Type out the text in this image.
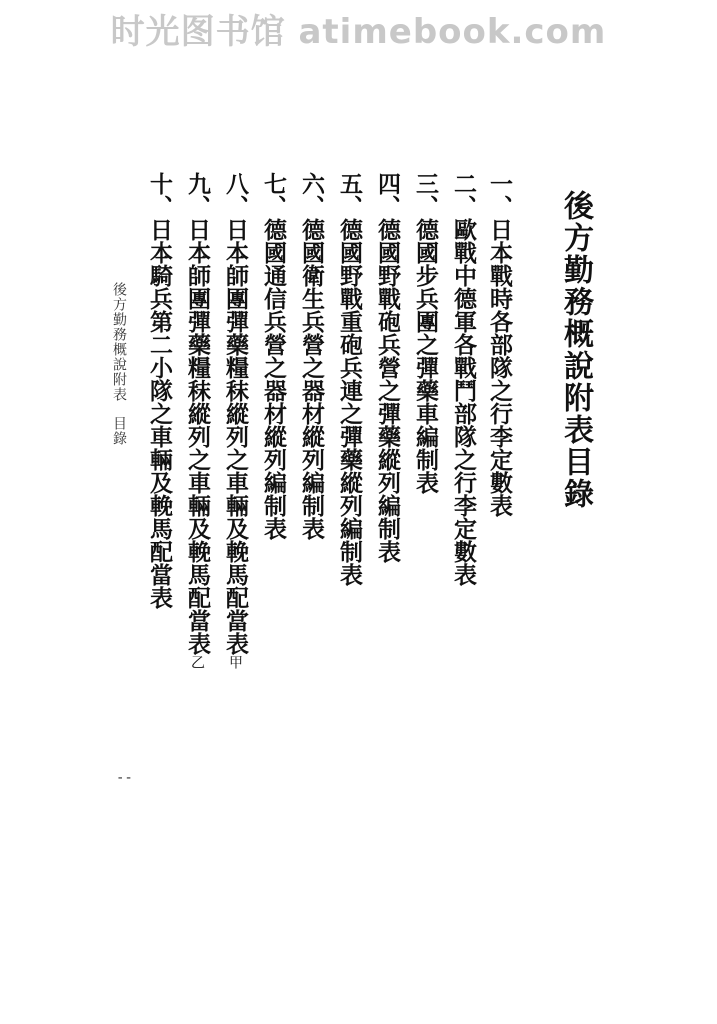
时光图书馆 atimebook.com
後方勤務概說附表目錄
一、日本戰時各部隊之行李定數表
二、歐戰中德軍各戰鬥部隊之行李定數表
三、德國步兵團之彈藥車編制表
四、德國野戰砲兵營之彈藥縱列編制表
五、德國野戰重砲兵連之彈藥縱列編制表
六、德國衛生兵營之器材縱列編制表
七、德國通信兵營之器材縱列編制表
八、日本師團彈藥糧秣縱列之車輛及輓馬配當表甲
九、日本師團彈藥糧秣縱列之車輛及輓馬配當表乙
十、日本騎兵第二小隊之車輛及輓馬配當表
後方勤務概說附表目錄
--
